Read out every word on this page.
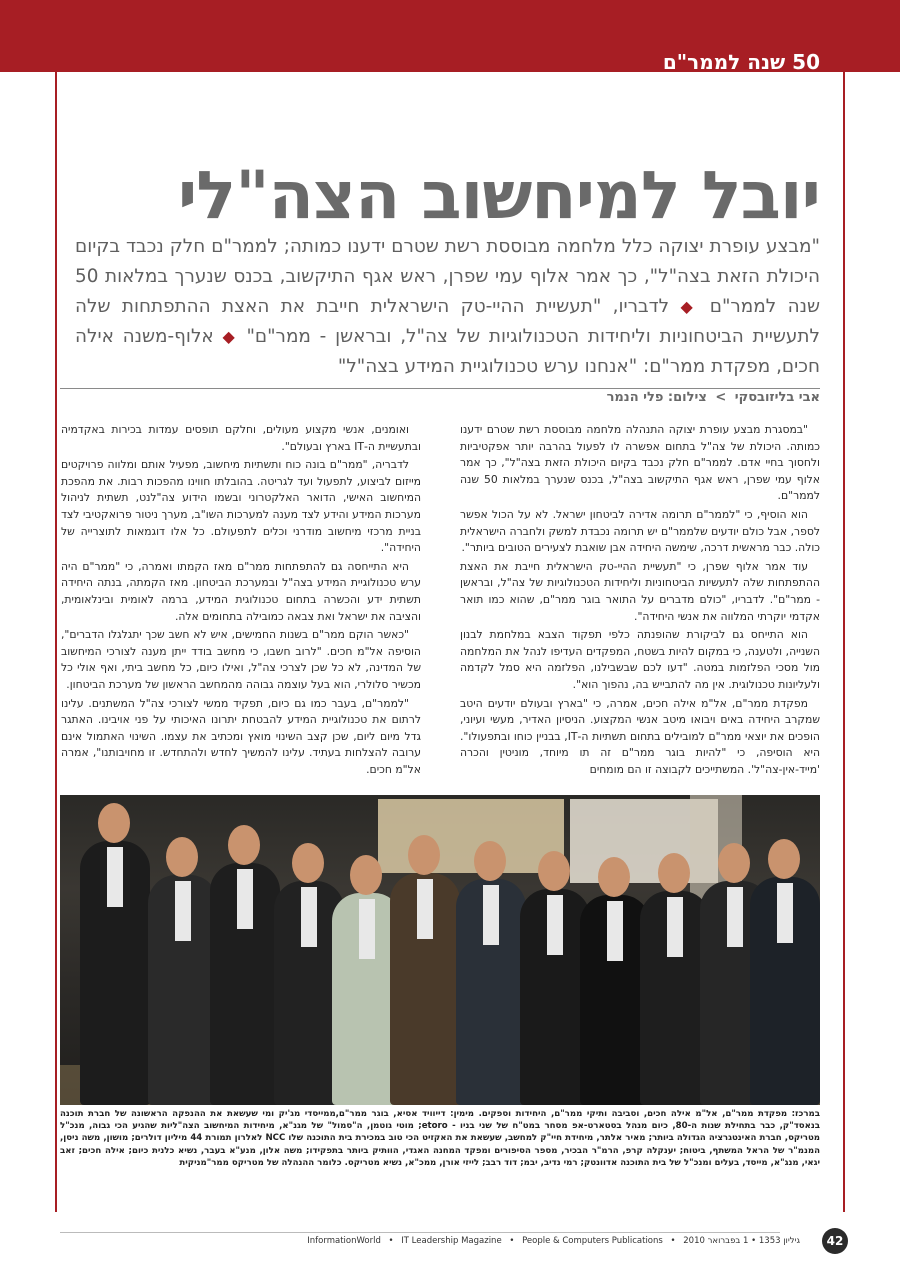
50 שנה לממר"ם
יובל למיחשוב הצה"לי
"מבצע עופרת יצוקה כלל מלחמה מבוססת רשת שטרם ידענו כמותה; לממר"ם חלק נכבד בקיום היכולת הזאת בצה"ל", כך אמר אלוף עמי שפרן, ראש אגף התיקשוב, בכנס שנערך במלאות 50 שנה לממר"ם ◆ לדבריו, "תעשיית ההיי-טק הישראלית חייבת את האצת ההתפתחות שלה לתעשיית הביטחוניות וליחידות הטכנולוגיות של צה"ל, ובראשן - ממר"ם" ◆ אלוף-משנה אילה חכים, מפקדת ממר"ם: "אנחנו ערש טכנולוגיית המידע בצה"ל"
אבי בליזובסקי > צילום: פלי הנמר

"במסגרת מבצע עופרת יצוקה התנהלה מלחמה מבוססת רשת שטרם ידענו כמותה. היכולת של צה"ל בתחום אפשרה לו לפעול בהרבה יותר אפקטיביות ולחסוך בחיי אדם. לממר"ם חלק נכבד בקיום היכולת הזאת בצה"ל", כך אמר אלוף עמי שפרן, ראש אגף התיקשוב בצה"ל, בכנס שנערך במלאות 50 שנה לממר"ם.

הוא הוסיף, כי "לממר"ם תרומה אדירה לביטחון ישראל. לא על הכול אפשר לספר, אבל כולם יודעים שלממר"ם יש תרומה נכבדת למשק ולחברה הישראלית כולה. כבר מראשית דרכה, שימשה היחידה אבן שואבת לצעירים הטובים ביותר".

עוד אמר אלוף שפרן, כי "תעשיית ההיי-טק הישראלית חייבת את האצת ההתפתחות שלה לתעשיות הביטחוניות וליחידות הטכנולוגיות של צה"ל, ובראשן - ממר"ם". לדבריו, "כולם מדברים על התואר בוגר ממר"ם, שהוא כמו תואר אקדמי יוקרתי המלווה את אנשי היחידה".

הוא התייחס גם לביקורת שהופנתה כלפי תפקוד הצבא במלחמת לבנון השנייה, ולטענה, כי במקום להיות בשטח, המפקדים העדיפו לנהל את המלחמה מול מסכי הפלזמות במטה. "דעו לכם שבשבילנו, הפלזמה היא סמל לקדמה ולעליונות טכנולוגית. אין מה להתבייש בה, נהפוך הוא".

מפקדת ממר"ם, אל"מ אילה חכים, אמרה, כי "בארץ ובעולם יודעים היטב שמקרב היחידה באים ויבואו מיטב אנשי המקצוע. הניסיון האדיר, מעשי ועיוני, הופכים את יוצאי ממר"ם למובילים בתחום תשתיות ה-IT, בבניין כוחו ובתפעולו". היא הוסיפה, כי "להיות בוגר ממר"ם זה תו מיוחד, מוניטין והכרה 'מייד-אין-צה"ל'. המשתייכים לקבוצה זו הם מומחים

ואומנים, אנשי מקצוע מעולים, וחלקם תופסים עמדות בכירות באקדמיה ובתעשיית ה-IT בארץ ובעולם".

לדבריה, "ממר"ם בונה כוח ותשתיות מיחשוב, מפעיל אותם ומלווה פרויקטים מייזום לביצוע, לתפעול ועד לגריטה. בהובלתו חווינו מהפכות רבות. את מהפכת המיחשוב האישי, הדואר האלקטרוני ובשמו הידוע צה"לנט, תשתית לניהול מערכות המידע והידע לצד מענה למערכות השו"ב, מערך ניטור פרואקטיבי לצד בניית מרכזי מיחשוב מודרני וכלים לתפעולם. כל אלו דוגמאות לתוצרייה של היחידה".

היא התייחסה גם להתפתחות ממר"ם מאז הקמתו ואמרה, כי "ממר"ם היה ערש טכנולוגיית המידע בצה"ל ובמערכת הביטחון. מאז הקמתה, בנתה היחידה תשתית ידע והכשרה בתחום טכנולוגית המידע, ברמה לאומית ובינלאומית, והציבה את ישראל ואת צבאה כמובילה בתחומים אלה.

"כאשר הוקם ממר"ם בשנות החמישים, איש לא חשב שכך יתגלגלו הדברים", הוסיפה אל"מ חכים. "לרוב חשבו, כי מחשב בודד ייתן מענה לצורכי המיחשוב של המדינה, לא כל שכן לצרכי צה"ל, ואילו כיום, כל מחשב ביתי, ואף אולי כל מכשיר סלולרי, הוא בעל עוצמה גבוהה מהמחשב הראשון של מערכת הביטחון.

"לממר"ם, בעבר כמו גם כיום, תפקיד ממשי לצורכי צה"ל המשתנים. עלינו לרתום את טכנולוגיית המידע להבטחת יתרונו האיכותי על פני אויבינו. האתגר גדל מיום ליום, שכן קצב השינוי מואץ ומכתיב את עצמו. השינוי האתמול אינם ערובה להצלחות בעתיד. עלינו להמשיך לחדש ולהתחדש. זו מחויבותנו", אמרה אל"מ חכים.

במרכז: מפקדת ממר"ם, אל"מ אילה חכים, וסביבה ותיקי ממר"ם, היחידות וספקים. מימין: דייוויד אסיא, בוגר ממר"ם,ממייסדי מג'יק ומי שעשאת את ההנפקה הראשונה של חברת תוכנה בנאסד"ק, כבר בתחילת שנות ה-80, כיום מנהל בסטארט-אפ מסחר במט"ח של שני בניו - etoro; מוטי גוטמן, ה"סמול" של מגנ"א, מיחידות המיחשוב הצה"ליות שהגיע הכי גבוה, מנכ"ל מטריקס, חברת האינטגרציה הגדולה ביותר; מאיר אלתר, מיחידת חיי"ק למחשב, שעשאת את האקזיט הכי טוב במכירת בית התוכנה שלו NCC לאלרון תמורת 44 מיליון דולרים; מושון, משה ניסן, המנמ"ר של הראל המשתף, ביטוח; יענקלה קרפ, הרמ"ר הבכיר, מספר הסיפורים ומפקד המחנה האגדי, הוותיק ביותר בתפקידו; משה אלון, מנע"א בעבר, נשיא כלנית כיום; אילה חכים; זאב יגאי, מנג"א, מייסד, בעלים ומנכ"ל של בית התוכנה אדוונטק; רמי נדיב, יבמ; דוד רבב; לייזי אורן, ממכ"א, נשיא מטריקס. כלומר ההנהלה של מטריקס ממר"מניקית
InformationWorld • IT Leadership Magazine • People & Computers Publications • גיליון 1353 • 1 בפברואר 2010	42
